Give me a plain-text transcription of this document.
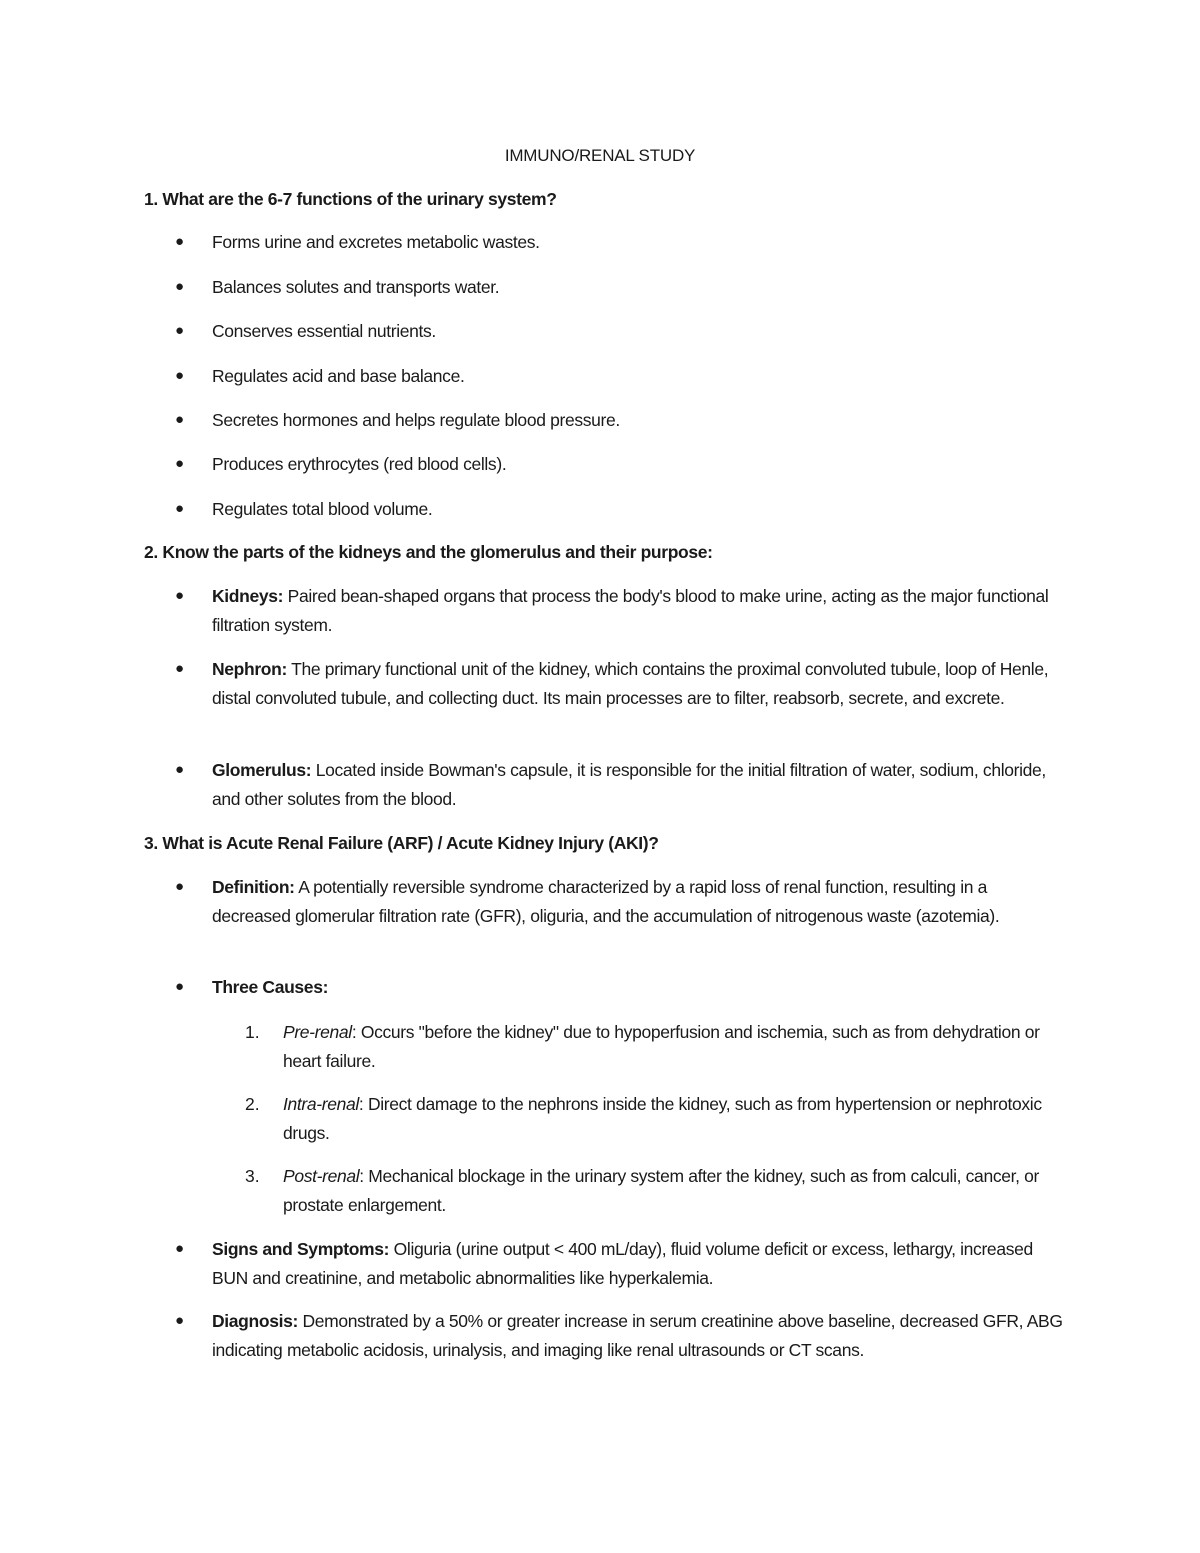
IMMUNO/RENAL STUDY
1. What are the 6-7 functions of the urinary system?
● Forms urine and excretes metabolic wastes.
● Balances solutes and transports water.
● Conserves essential nutrients.
● Regulates acid and base balance.
● Secretes hormones and helps regulate blood pressure.
● Produces erythrocytes (red blood cells).
● Regulates total blood volume.
2. Know the parts of the kidneys and the glomerulus and their purpose:
● Kidneys: Paired bean-shaped organs that process the body's blood to make urine, acting as the major functional filtration system.
● Nephron: The primary functional unit of the kidney, which contains the proximal convoluted tubule, loop of Henle, distal convoluted tubule, and collecting duct. Its main processes are to filter, reabsorb, secrete, and excrete.
● Glomerulus: Located inside Bowman's capsule, it is responsible for the initial filtration of water, sodium, chloride, and other solutes from the blood.
3. What is Acute Renal Failure (ARF) / Acute Kidney Injury (AKI)?
● Definition: A potentially reversible syndrome characterized by a rapid loss of renal function, resulting in a decreased glomerular filtration rate (GFR), oliguria, and the accumulation of nitrogenous waste (azotemia).
● Three Causes:
1. Pre-renal: Occurs "before the kidney" due to hypoperfusion and ischemia, such as from dehydration or heart failure.
2. Intra-renal: Direct damage to the nephrons inside the kidney, such as from hypertension or nephrotoxic drugs.
3. Post-renal: Mechanical blockage in the urinary system after the kidney, such as from calculi, cancer, or prostate enlargement.
● Signs and Symptoms: Oliguria (urine output < 400 mL/day), fluid volume deficit or excess, lethargy, increased BUN and creatinine, and metabolic abnormalities like hyperkalemia.
● Diagnosis: Demonstrated by a 50% or greater increase in serum creatinine above baseline, decreased GFR, ABG indicating metabolic acidosis, urinalysis, and imaging like renal ultrasounds or CT scans.
